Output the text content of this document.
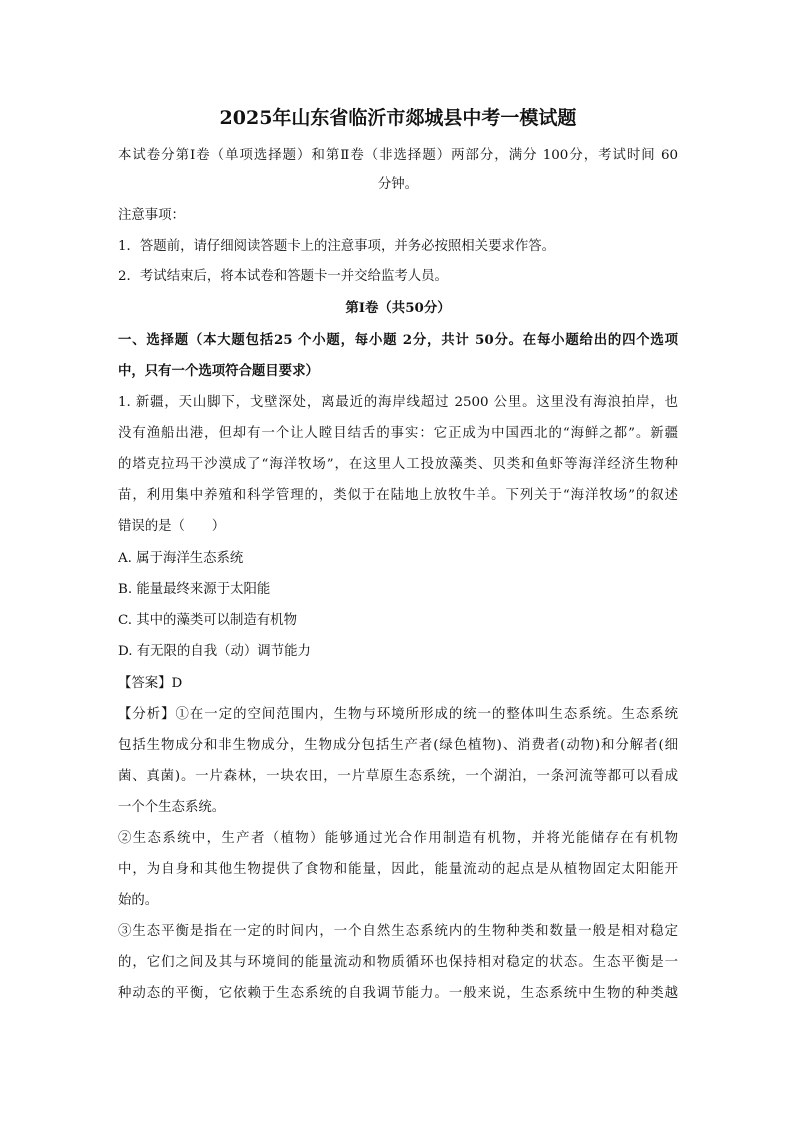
2025年山东省临沂市郯城县中考一模试题
本试卷分第Ⅰ卷（单项选择题）和第Ⅱ卷（非选择题）两部分，满分 100分，考试时间 60
分钟。
注意事项：
1．答题前，请仔细阅读答题卡上的注意事项，并务必按照相关要求作答。
2．考试结束后，将本试卷和答题卡一并交给监考人员。
第Ⅰ卷（共50分）
一、选择题（本大题包括25 个小题，每小题 2分，共计 50分。在每小题给出的四个选项
中，只有一个选项符合题目要求）
1. 新疆，天山脚下，戈壁深处，离最近的海岸线超过 2500 公里。这里没有海浪拍岸，也
没有渔船出港，但却有一个让人瞠目结舌的事实：它正成为中国西北的“海鲜之都”。新疆
的塔克拉玛干沙漠成了“海洋牧场”，在这里人工投放藻类、贝类和鱼虾等海洋经济生物种
苗，利用集中养殖和科学管理的，类似于在陆地上放牧牛羊。下列关于“海洋牧场”的叙述
错误的是（　　）
A. 属于海洋生态系统
B. 能量最终来源于太阳能
C. 其中的藻类可以制造有机物
D. 有无限的自我（动）调节能力
【答案】D
【分析】①在一定的空间范围内，生物与环境所形成的统一的整体叫生态系统。生态系统
包括生物成分和非生物成分，生物成分包括生产者(绿色植物)、消费者(动物)和分解者(细
菌、真菌)。一片森林，一块农田，一片草原生态系统，一个湖泊，一条河流等都可以看成
一个个生态系统。
②生态系统中，生产者（植物）能够通过光合作用制造有机物，并将光能储存在有机物
中，为自身和其他生物提供了食物和能量，因此，能量流动的起点是从植物固定太阳能开
始的。
③生态平衡是指在一定的时间内，一个自然生态系统内的生物种类和数量一般是相对稳定
的，它们之间及其与环境间的能量流动和物质循环也保持相对稳定的状态。生态平衡是一
种动态的平衡，它依赖于生态系统的自我调节能力。一般来说，生态系统中生物的种类越
